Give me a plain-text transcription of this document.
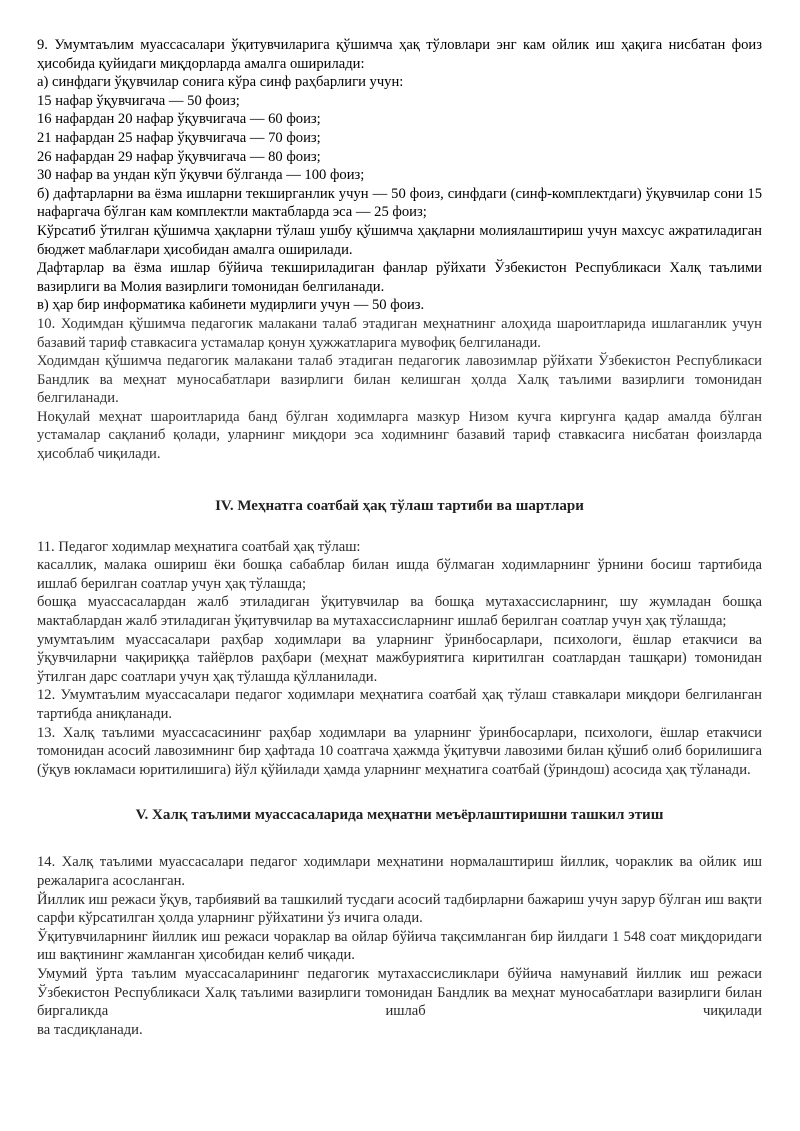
9. Умумтаълим муассасалари ўқитувчиларига қўшимча ҳақ тўловлари энг кам ойлик иш ҳақига нисбатан фоиз ҳисобида қуйидаги миқдорларда амалга оширилади:

а) синфдаги ўқувчилар сонига кўра синф раҳбарлиги учун:

15 нафар ўқувчигача — 50 фоиз;

16 нафардан 20 нафар ўқувчигача — 60 фоиз;

21 нафардан 25 нафар ўқувчигача — 70 фоиз;

26 нафардан 29 нафар ўқувчигача — 80 фоиз;

30 нафар ва ундан кўп ўқувчи бўлганда — 100 фоиз;

б) дафтарларни ва ёзма ишларни текширганлик учун — 50 фоиз, синфдаги (синф-комплектдаги) ўқувчилар сони 15 нафаргача бўлган кам комплектли мактабларда эса — 25 фоиз;

Кўрсатиб ўтилган қўшимча ҳақларни тўлаш ушбу қўшимча ҳақларни молиялаштириш учун махсус ажратиладиган бюджет маблағлари ҳисобидан амалга оширилади.

Дафтарлар ва ёзма ишлар бўйича текшириладиган фанлар рўйхати Ўзбекистон Республикаси Халқ таълими вазирлиги ва Молия вазирлиги томонидан белгиланади.

в) ҳар бир информатика кабинети мудирлиги учун — 50 фоиз.

10. Ходимдан қўшимча педагогик малакани талаб этадиган меҳнатнинг алоҳида шароитларида ишлаганлик учун базавий тариф ставкасига устамалар қонун ҳужжатларига мувофиқ белгиланади.

Ходимдан қўшимча педагогик малакани талаб этадиган педагогик лавозимлар рўйхати Ўзбекистон Республикаси Бандлик ва меҳнат муносабатлари вазирлиги билан келишган ҳолда Халқ таълими вазирлиги томонидан белгиланади.

Ноқулай меҳнат шароитларида банд бўлган ходимларга мазкур Низом кучга киргунга қадар амалда бўлган устамалар сақланиб қолади, уларнинг миқдори эса ходимнинг базавий тариф ставкасига нисбатан фоизларда ҳисоблаб чиқилади.

IV. Меҳнатга соатбай ҳақ тўлаш тартиби ва шартлари

11. Педагог ходимлар меҳнатига соатбай ҳақ тўлаш:

касаллик, малака ошириш ёки бошқа сабаблар билан ишда бўлмаган ходимларнинг ўрнини босиш тартибида ишлаб берилган соатлар учун ҳақ тўлашда;

бошқа муассасалардан жалб этиладиган ўқитувчилар ва бошқа мутахассисларнинг, шу жумладан бошқа мактаблардан жалб этиладиган ўқитувчилар ва мутахассисларнинг ишлаб берилган соатлар учун ҳақ тўлашда;

умумтаълим муассасалари раҳбар ходимлари ва уларнинг ўринбосарлари, психологи, ёшлар етакчиси ва ўқувчиларни чақириққа тайёрлов раҳбари (меҳнат мажбуриятига киритилган соатлардан ташқари) томонидан ўтилган дарс соатлари учун ҳақ тўлашда қўлланилади.

12. Умумтаълим муассасалари педагог ходимлари меҳнатига соатбай ҳақ тўлаш ставкалари миқдори белгиланган тартибда аниқланади.

13. Халқ таълими муассасасининг раҳбар ходимлари ва уларнинг ўринбосарлари, психологи, ёшлар етакчиси томонидан асосий лавозимнинг бир ҳафтада 10 соатгача ҳажмда ўқитувчи лавозими билан қўшиб олиб борилишига (ўқув юкламаси юритилишига) йўл қўйилади ҳамда уларнинг меҳнатига соатбай (ўриндош) асосида ҳақ тўланади.

V. Халқ таълими муассасаларида меҳнатни меъёрлаштиришни ташкил этиш

14. Халқ таълими муассасалари педагог ходимлари меҳнатини нормалаштириш йиллик, чораклик ва ойлик иш режаларига асосланган.

Йиллик иш режаси ўқув, тарбиявий ва ташкилий тусдаги асосий тадбирларни бажариш учун зарур бўлган иш вақти сарфи кўрсатилган ҳолда уларнинг рўйхатини ўз ичига олади.

Ўқитувчиларнинг йиллик иш режаси чораклар ва ойлар бўйича тақсимланган бир йилдаги 1 548 соат миқдоридаги иш вақтининг жамланган ҳисобидан келиб чиқади.

Умумий ўрта таълим муассасаларининг педагогик мутахассисликлари бўйича намунавий йиллик иш режаси Ўзбекистон Республикаси Халқ таълими вазирлиги томонидан Бандлик ва меҳнат муносабатлари вазирлиги билан биргаликда ишлаб чиқилади

ва тасдиқланади.
